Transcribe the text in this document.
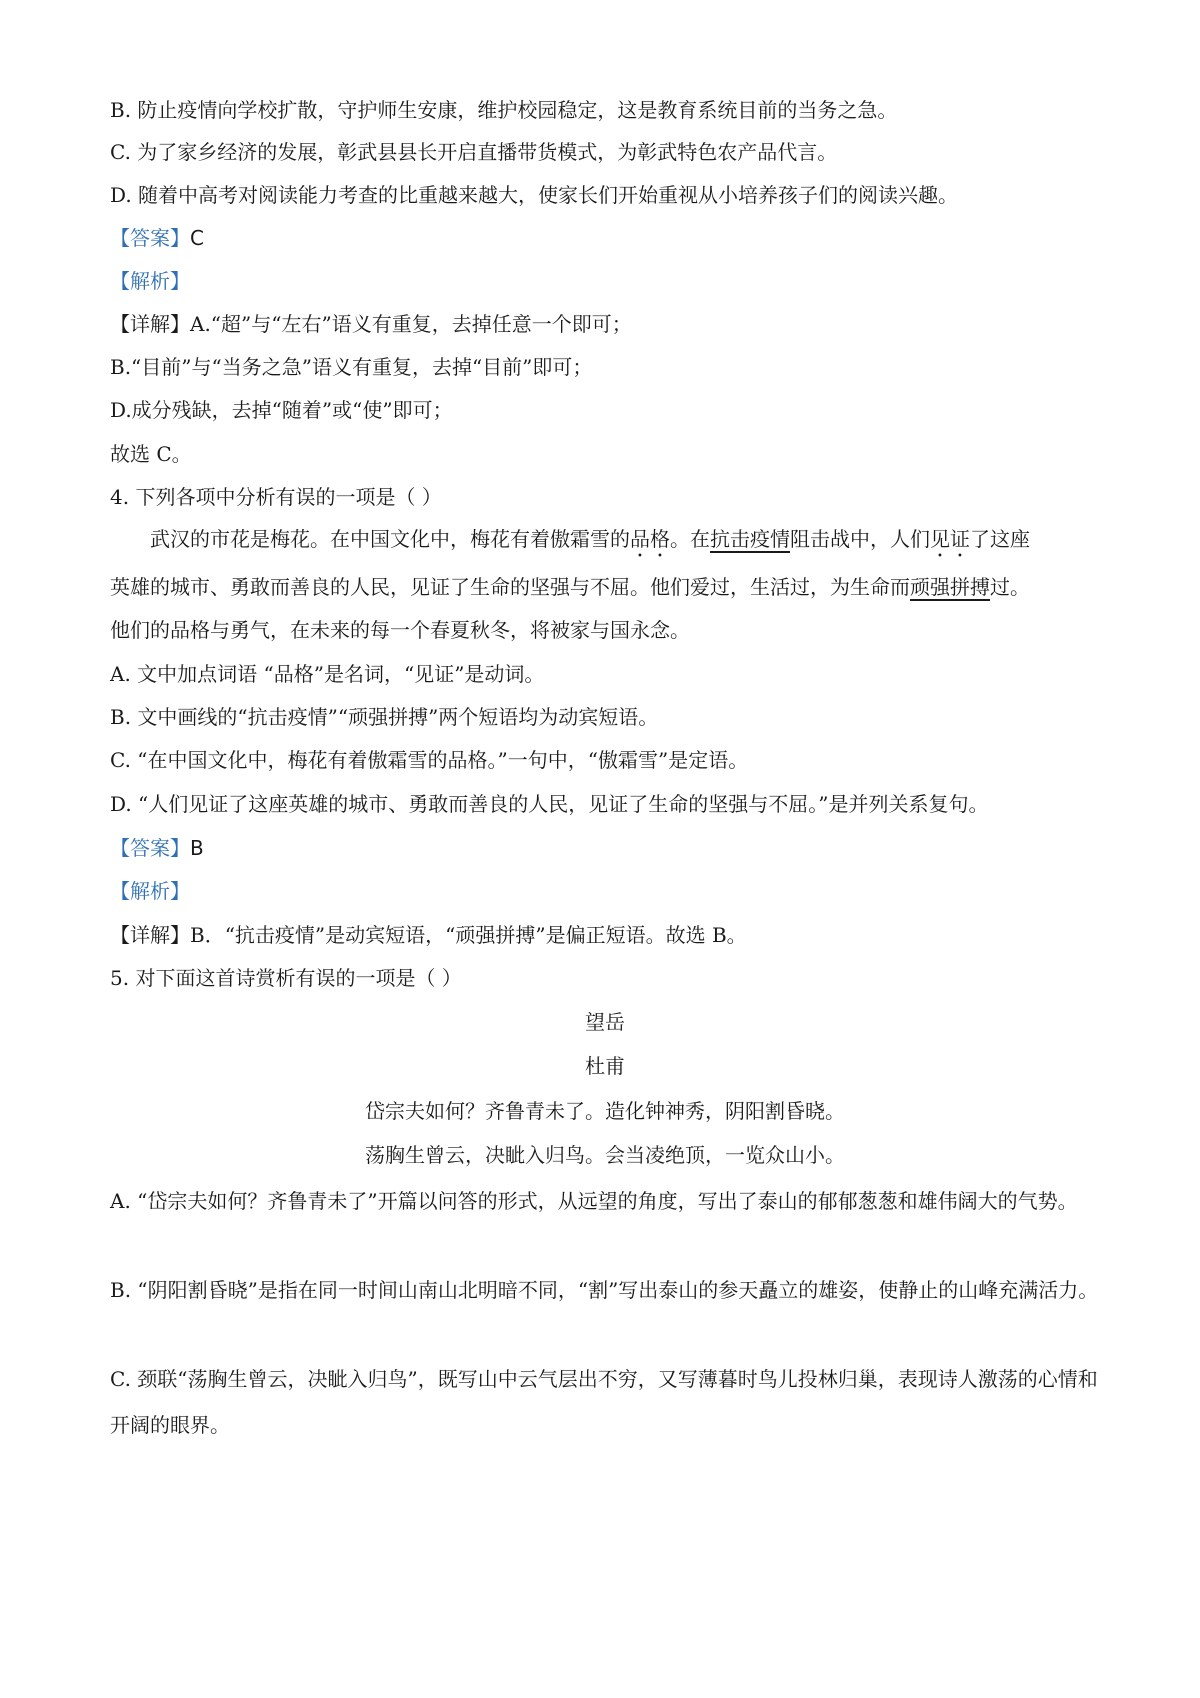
B. 防止疫情向学校扩散，守护师生安康，维护校园稳定，这是教育系统目前的当务之急。
C. 为了家乡经济的发展，彰武县县长开启直播带货模式，为彰武特色农产品代言。
D. 随着中高考对阅读能力考查的比重越来越大，使家长们开始重视从小培养孩子们的阅读兴趣。
【答案】C
【解析】
【详解】A.“超”与“左右”语义有重复，去掉任意一个即可；
B.“目前”与“当务之急”语义有重复，去掉“目前”即可；
D.成分残缺，去掉“随着”或“使”即可；
故选 C。
4. 下列各项中分析有误的一项是（ ）
武汉的市花是梅花。在中国文化中，梅花有着傲霜雪的品格。在抗击疫情阻击战中，人们见证了这座
英雄的城市、勇敢而善良的人民，见证了生命的坚强与不屈。他们爱过，生活过，为生命而顽强拼搏过。
他们的品格与勇气，在未来的每一个春夏秋冬，将被家与国永念。
A. 文中加点词语 “品格”是名词，“见证”是动词。
B. 文中画线的“抗击疫情”“顽强拼搏”两个短语均为动宾短语。
C. “在中国文化中，梅花有着傲霜雪的品格。”一句中，“傲霜雪”是定语。
D. “人们见证了这座英雄的城市、勇敢而善良的人民，见证了生命的坚强与不屈。”是并列关系复句。
【答案】B
【解析】
【详解】B．“抗击疫情”是动宾短语，“顽强拼搏”是偏正短语。故选 B。
5. 对下面这首诗赏析有误的一项是（ ）
望岳
杜甫
岱宗夫如何？齐鲁青未了。造化钟神秀，阴阳割昏晓。
荡胸生曾云，决眦入归鸟。会当凌绝顶，一览众山小。
A. “岱宗夫如何？齐鲁青未了”开篇以问答的形式，从远望的角度，写出了泰山的郁郁葱葱和雄伟阔大的气势。
B. “阴阳割昏晓”是指在同一时间山南山北明暗不同，“割”写出泰山的参天矗立的雄姿，使静止的山峰充满活力。
C. 颈联“荡胸生曾云，决眦入归鸟”，既写山中云气层出不穷，又写薄暮时鸟儿投林归巢，表现诗人激荡的心情和开阔的眼界。
